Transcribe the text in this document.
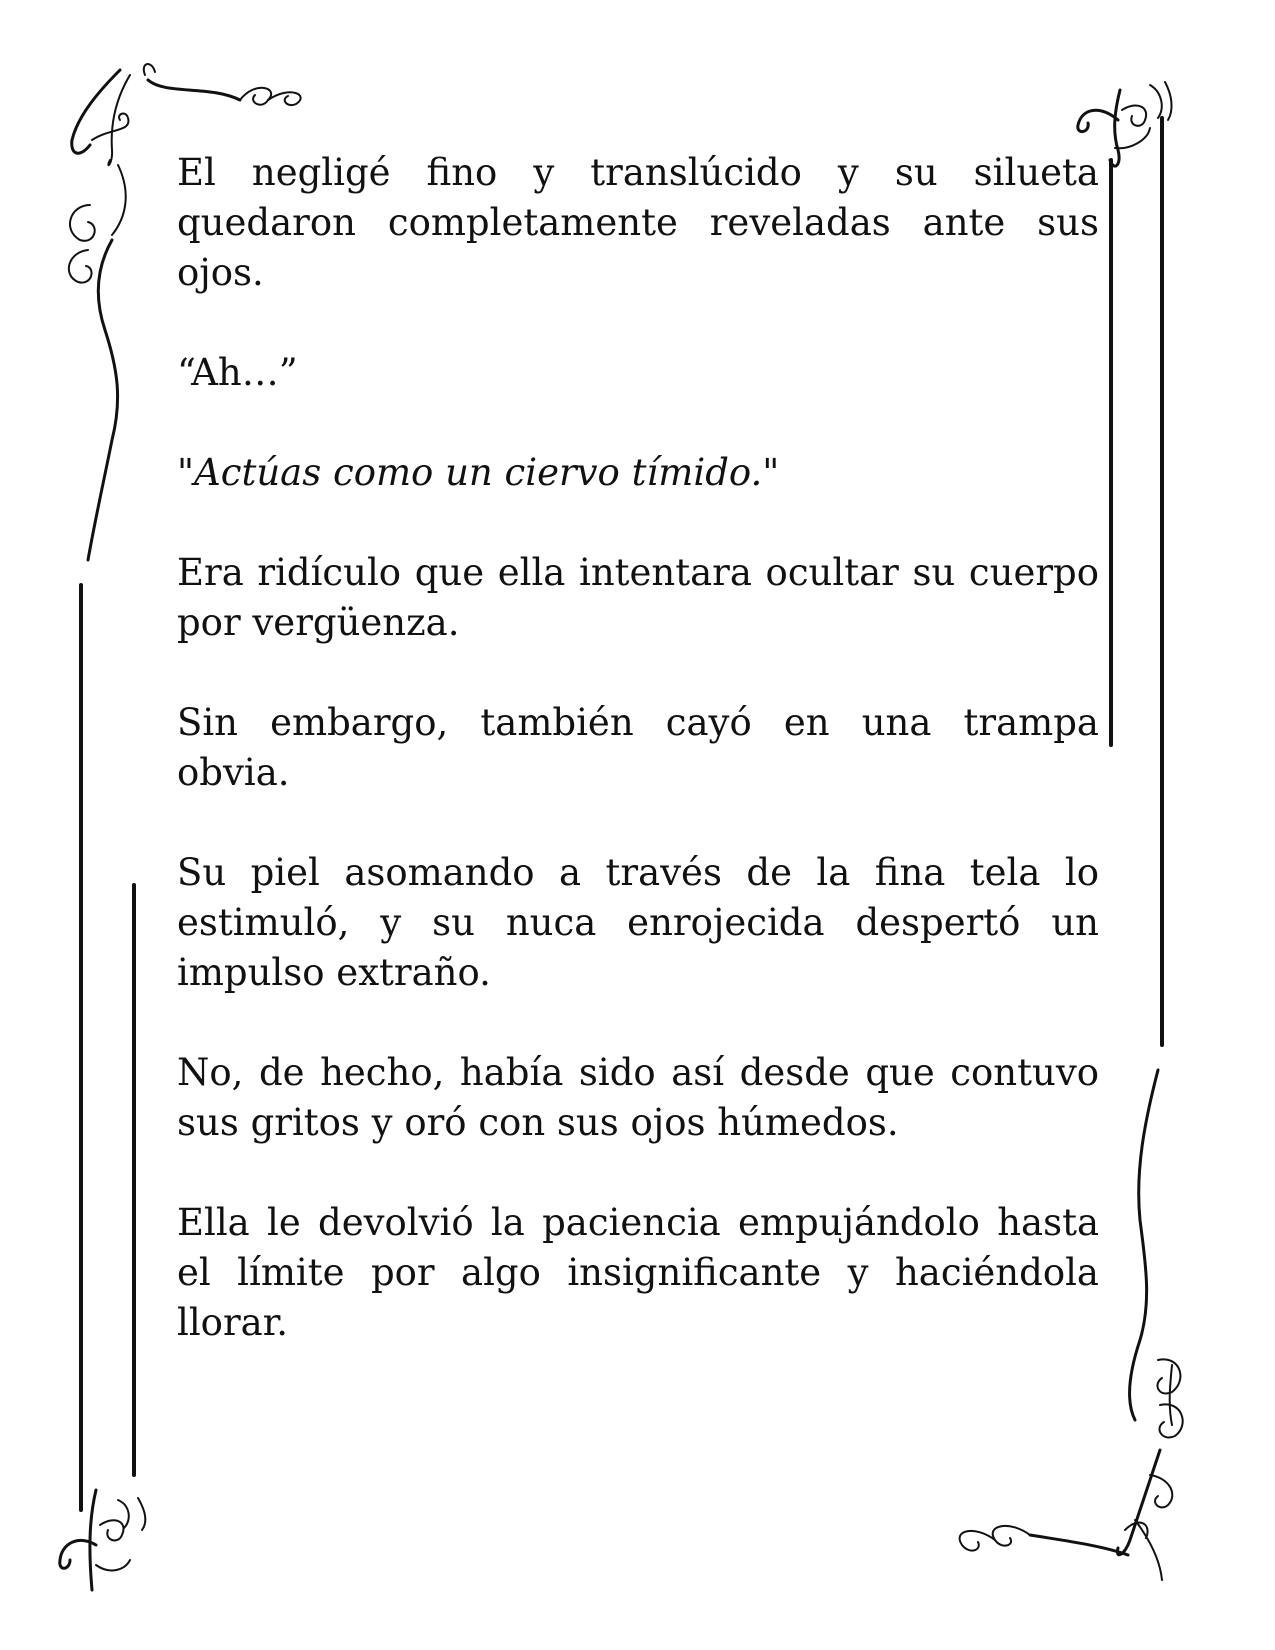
El negligé fino y translúcido y su silueta quedaron completamente reveladas ante sus ojos.

“Ah…”

"Actúas como un ciervo tímido."

Era ridículo que ella intentara ocultar su cuerpo por vergüenza.

Sin embargo, también cayó en una trampa obvia.

Su piel asomando a través de la fina tela lo estimuló, y su nuca enrojecida despertó un impulso extraño.

No, de hecho, había sido así desde que contuvo sus gritos y oró con sus ojos húmedos.

Ella le devolvió la paciencia empujándolo hasta el límite por algo insignificante y haciéndola llorar.
